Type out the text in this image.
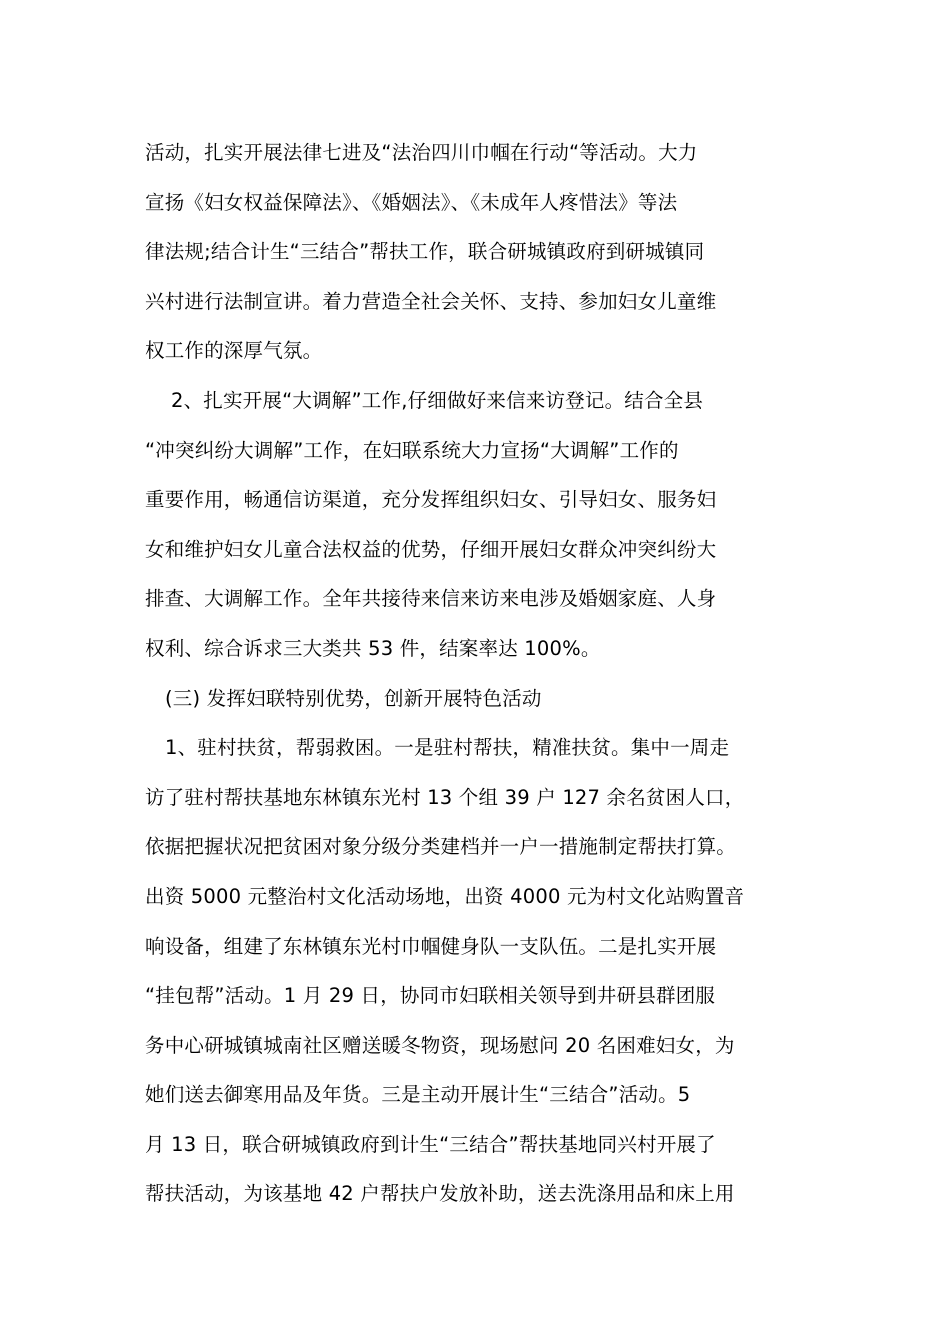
活动，扎实开展法律七进及“法治四川巾帼在行动“等活动。大力
宣扬《妇女权益保障法》、《婚姻法》、《未成年人疼惜法》等法
律法规;结合计生“三结合”帮扶工作，联合研城镇政府到研城镇同
兴村进行法制宣讲。着力营造全社会关怀、支持、参加妇女儿童维
权工作的深厚气氛。
2、扎实开展“大调解”工作,仔细做好来信来访登记。结合全县
“冲突纠纷大调解”工作，在妇联系统大力宣扬“大调解”工作的
重要作用，畅通信访渠道，充分发挥组织妇女、引导妇女、服务妇
女和维护妇女儿童合法权益的优势，仔细开展妇女群众冲突纠纷大
排查、大调解工作。全年共接待来信来访来电涉及婚姻家庭、人身
权利、综合诉求三大类共 53 件，结案率达 100%。
(三) 发挥妇联特别优势，创新开展特色活动
1、驻村扶贫，帮弱救困。一是驻村帮扶，精准扶贫。集中一周走
访了驻村帮扶基地东林镇东光村 13 个组 39 户 127 余名贫困人口，
依据把握状况把贫困对象分级分类建档并一户一措施制定帮扶打算。
出资 5000 元整治村文化活动场地，出资 4000 元为村文化站购置音
响设备，组建了东林镇东光村巾帼健身队一支队伍。二是扎实开展
“挂包帮”活动。1 月 29 日，协同市妇联相关领导到井研县群团服
务中心研城镇城南社区赠送暖冬物资，现场慰问 20 名困难妇女，为
她们送去御寒用品及年货。三是主动开展计生“三结合”活动。5
月 13 日，联合研城镇政府到计生“三结合”帮扶基地同兴村开展了
帮扶活动，为该基地 42 户帮扶户发放补助，送去洗涤用品和床上用
